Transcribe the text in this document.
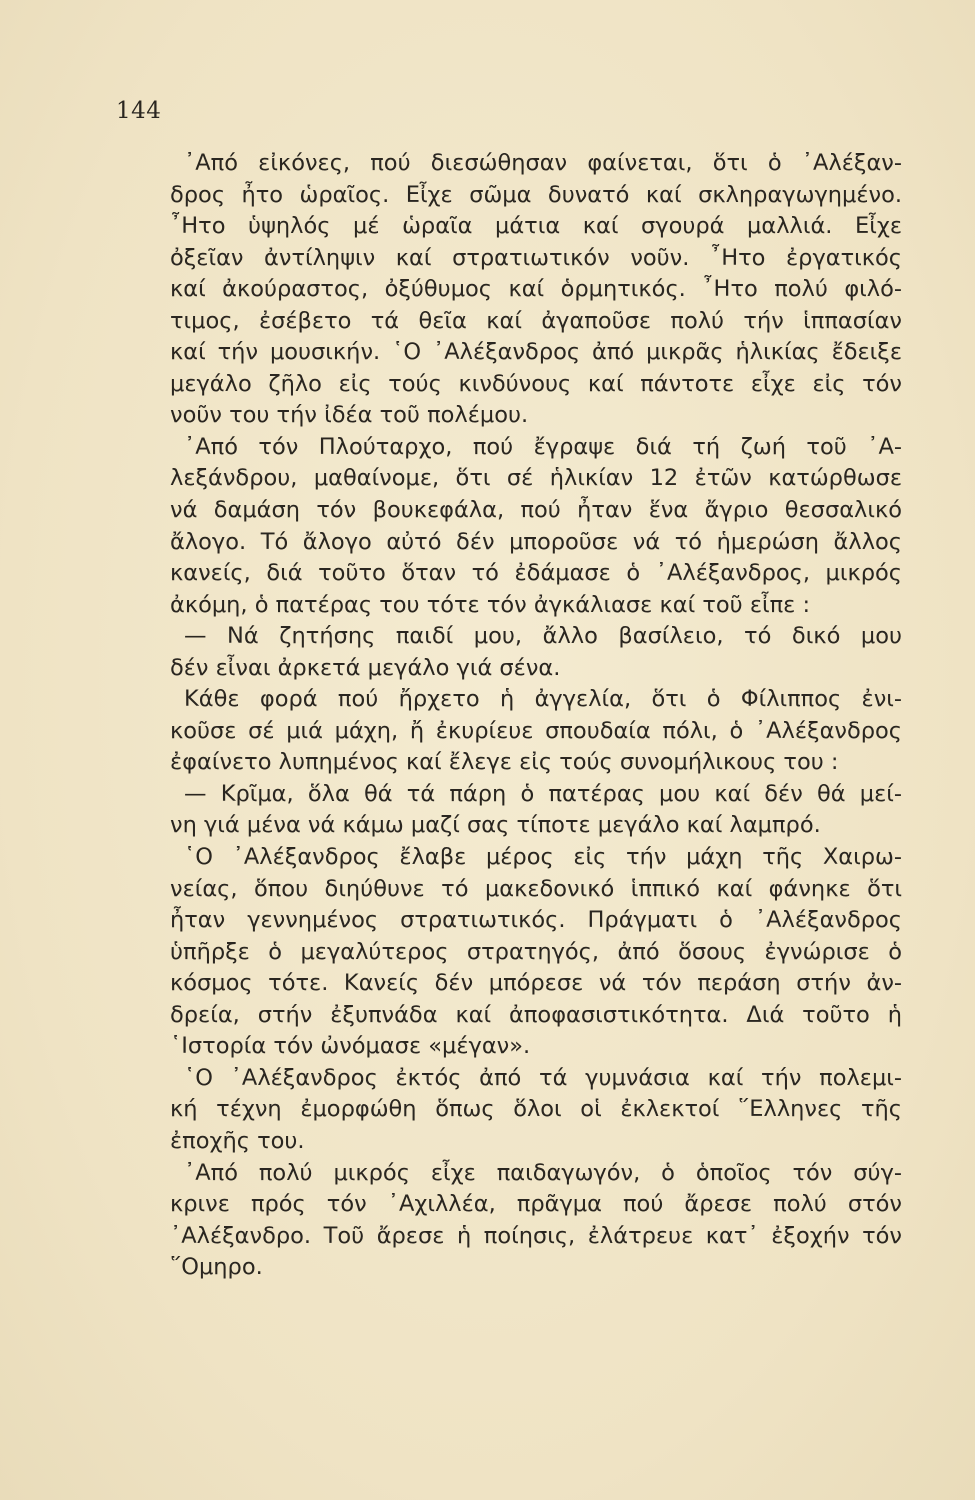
144
᾿Από εἰκόνες, πού διεσώθησαν φαίνεται, ὅτι ὁ ᾿Αλέξαν-
δρος ἦτο ὡραῖος. Εἶχε σῶμα δυνατό καί σκληραγωγημένο.
῏Ητο ὑψηλός μέ ὡραῖα μάτια καί σγουρά μαλλιά. Εἶχε
ὀξεῖαν ἀντίληψιν καί στρατιωτικόν νοῦν. ῏Ητο ἐργατικός
καί ἀκούραστος, ὀξύθυμος καί ὁρμητικός. ῏Ητο πολύ φιλό-
τιμος, ἐσέβετο τά θεῖα καί ἀγαποῦσε πολύ τήν ἱππασίαν
καί τήν μουσικήν. ῾Ο ᾿Αλέξανδρος ἀπό μικρᾶς ἡλικίας ἔδειξε
μεγάλο ζῆλο εἰς τούς κινδύνους καί πάντοτε εἶχε εἰς τόν
νοῦν του τήν ἰδέα τοῦ πολέμου.
᾿Από τόν Πλούταρχο, πού ἔγραψε διά τή ζωή τοῦ ᾿Α-
λεξάνδρου, μαθαίνομε, ὅτι σέ ἡλικίαν 12 ἐτῶν κατώρθωσε
νά δαμάση τόν βουκεφάλα, πού ἦταν ἕνα ἄγριο θεσσαλικό
ἄλογο. Τό ἄλογο αὐτό δέν μποροῦσε νά τό ἡμερώση ἄλλος
κανείς, διά τοῦτο ὅταν τό ἐδάμασε ὁ ᾿Αλέξανδρος, μικρός
ἀκόμη, ὁ πατέρας του τότε τόν ἀγκάλιασε καί τοῦ εἶπε :
— Νά ζητήσης παιδί μου, ἄλλο βασίλειο, τό δικό μου
δέν εἶναι ἀρκετά μεγάλο γιά σένα.
Κάθε φορά πού ἤρχετο ἡ ἀγγελία, ὅτι ὁ Φίλιππος ἐνι-
κοῦσε σέ μιά μάχη, ἤ ἐκυρίευε σπουδαία πόλι, ὁ ᾿Αλέξανδρος
ἐφαίνετο λυπημένος καί ἔλεγε εἰς τούς συνομήλικους του :
— Κρῖμα, ὅλα θά τά πάρη ὁ πατέρας μου καί δέν θά μεί-
νη γιά μένα νά κάμω μαζί σας τίποτε μεγάλο καί λαμπρό.
῾Ο ᾿Αλέξανδρος ἔλαβε μέρος εἰς τήν μάχη τῆς Χαιρω-
νείας, ὅπου διηύθυνε τό μακεδονικό ἱππικό καί φάνηκε ὅτι
ἦταν γεννημένος στρατιωτικός. Πράγματι ὁ ᾿Αλέξανδρος
ὑπῆρξε ὁ μεγαλύτερος στρατηγός, ἀπό ὅσους ἐγνώρισε ὁ
κόσμος τότε. Κανείς δέν μπόρεσε νά τόν περάση στήν ἀν-
δρεία, στήν ἐξυπνάδα καί ἀποφασιστικότητα. Διά τοῦτο ἡ
῾Ιστορία τόν ὠνόμασε «μέγαν».
῾Ο ᾿Αλέξανδρος ἐκτός ἀπό τά γυμνάσια καί τήν πολεμι-
κή τέχνη ἐμορφώθη ὅπως ὅλοι οἱ ἐκλεκτοί ῞Ελληνες τῆς
ἐποχῆς του.
᾿Από πολύ μικρός εἶχε παιδαγωγόν, ὁ ὁποῖος τόν σύγ-
κρινε πρός τόν ᾿Αχιλλέα, πρᾶγμα πού ἄρεσε πολύ στόν
᾿Αλέξανδρο. Τοῦ ἄρεσε ἡ ποίησις, ἐλάτρευε κατ᾿ ἐξοχήν τόν
῞Ομηρο.
